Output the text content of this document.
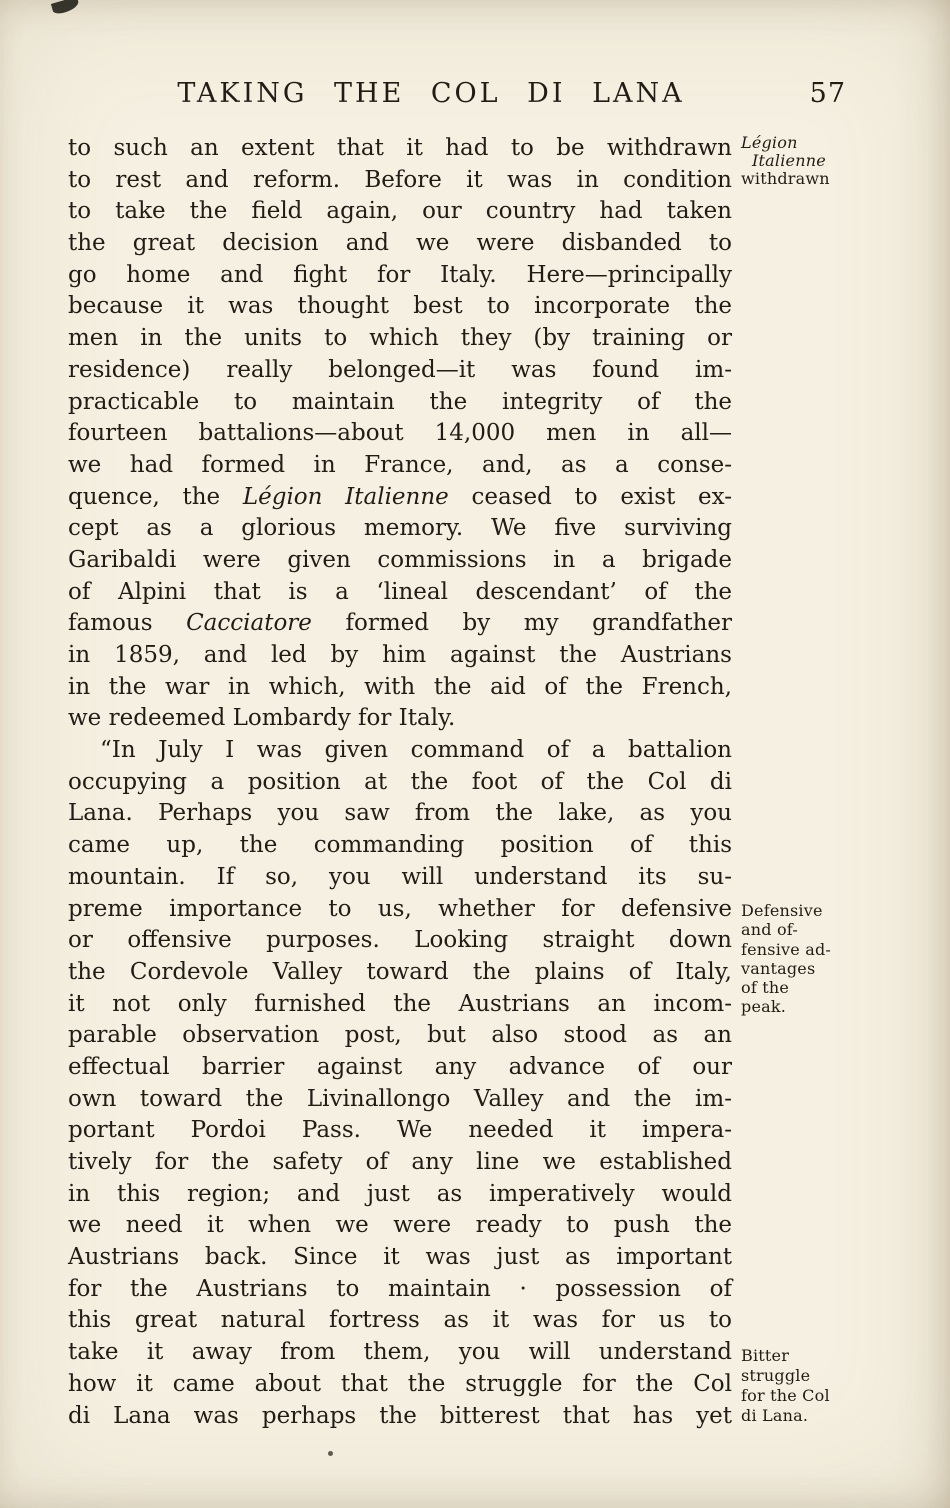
TAKING THE COL DI LANA	57
to such an extent that it had to be withdrawn
to rest and reform. Before it was in condition
to take the field again, our country had taken
the great decision and we were disbanded to
go home and fight for Italy. Here—principally
because it was thought best to incorporate the
men in the units to which they (by training or
residence) really belonged—it was found im-
practicable to maintain the integrity of the
fourteen battalions—about 14,000 men in all—
we had formed in France, and, as a conse-
quence, the Légion Italienne ceased to exist ex-
cept as a glorious memory. We five surviving
Garibaldi were given commissions in a brigade
of Alpini that is a ‘lineal descendant’ of the
famous Cacciatore formed by my grandfather
in 1859, and led by him against the Austrians
in the war in which, with the aid of the French,
we redeemed Lombardy for Italy.
“In July I was given command of a battalion
occupying a position at the foot of the Col di
Lana. Perhaps you saw from the lake, as you
came up, the commanding position of this
mountain. If so, you will understand its su-
preme importance to us, whether for defensive
or offensive purposes. Looking straight down
the Cordevole Valley toward the plains of Italy,
it not only furnished the Austrians an incom-
parable observation post, but also stood as an
effectual barrier against any advance of our
own toward the Livinallongo Valley and the im-
portant Pordoi Pass. We needed it impera-
tively for the safety of any line we established
in this region; and just as imperatively would
we need it when we were ready to push the
Austrians back. Since it was just as important
for the Austrians to maintain · possession of
this great natural fortress as it was for us to
take it away from them, you will understand
how it came about that the struggle for the Col
di Lana was perhaps the bitterest that has yet
Légion
Italienne
withdrawn
Defensive
and of-
fensive ad-
vantages
of the
peak.
Bitter
struggle
for the Col
di Lana.
